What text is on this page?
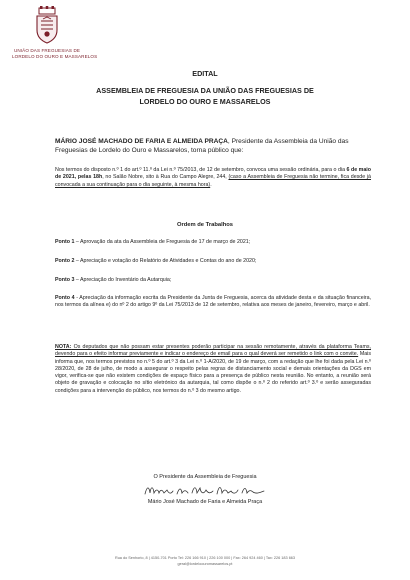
UNIÃO DAS FREGUESIAS DE
LORDELO DO OURO E MASSARELOS
EDITAL
ASSEMBLEIA DE FREGUESIA DA UNIÃO DAS FREGUESIAS DE
LORDELO DO OURO E MASSARELOS
MÁRIO JOSÉ MACHADO DE FARIA E ALMEIDA PRAÇA, Presidente da Assembleia da União das Freguesias de Lordelo do Ouro e Massarelos, torna público que:
Nos termos do disposto n.º 1 do art.º 11.º da Lei n.º 75/2013, de 12 de setembro, convoca uma sessão ordinária, para o dia 6 de maio de 2021, pelas 18h, no Salão Nobre, sito à Rua do Campo Alegre, 244, (caso a Assembleia de Freguesia não termine, fica desde já convocada a sua continuação para o dia seguinte, à mesma hora).
Ordem de Trabalhos
Ponto 1 – Aprovação da ata da Assembleia de Freguesia de 17 de março de 2021;
Ponto 2 – Apreciação e votação do Relatório de Atividades e Contas do ano de 2020;
Ponto 3 – Apreciação do Inventário da Autarquia;
Ponto 4 - Apreciação da informação escrita da Presidente da Junta de Freguesia, acerca da atividade desta e da situação financeira, nos termos da alínea e) do nº 2 do artigo 9º da Lei 75/2013 de 12 de setembro, relativa aos meses de janeiro, fevereiro, março e abril.
NOTA: Os deputados que não possam estar presentes poderão participar na sessão remotamente, através da plataforma Teams, devendo para o efeito informar previamente e indicar o endereço de email para o qual deverá ser remetido o link com o convite. Mais informa que, nos termos previstos no n.º 5 do art.º 3 da Lei n.º 1-A/2020, de 19 de março, com a redação que lhe foi dada pela Lei n.º 28/2020, de 28 de julho, de modo a assegurar o respeito pelas regras de distanciamento social e demais orientações da DGS em vigor, verifica-se que não existem condições de espaço físico para a presença de público nesta reunião. No entanto, a reunião será objeto de gravação e colocação no sítio eletrónico da autarquia, tal como dispõe o n.º 2 do referido art.º 3.º e serão asseguradas condições para a intervenção do público, nos termos do n.º 3 do mesmo artigo.
O Presidente da Assembleia de Freguesia
Mário José Machado de Faria e Almeida Praça
Rua do Senhorio, 8 | 4150-701 Porto Tel: 226 166 910 | 226 100 000 | Fax: 264 924 460 | Tax: 226 183 663
geral@lordeloouromassarelos.pt
